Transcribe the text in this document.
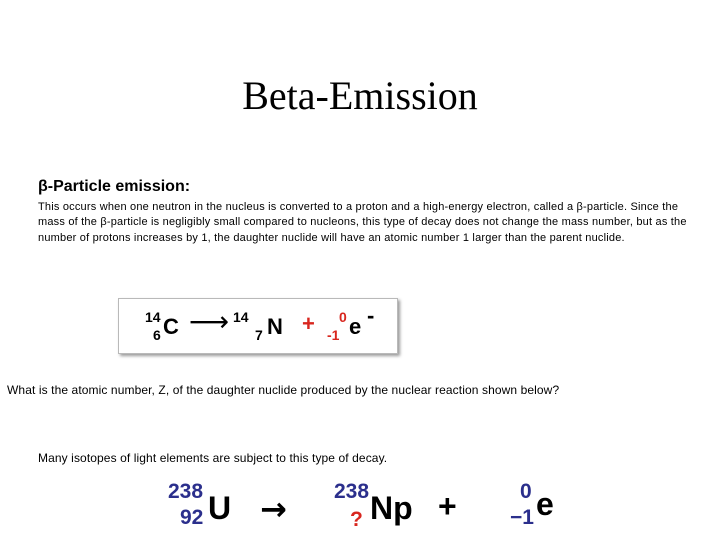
Beta-Emission
β-Particle emission:
This occurs when one neutron in the nucleus is converted to a proton and a high-energy electron, called a β-particle. Since the mass of the β-particle is negligibly small compared to nucleons, this type of decay does not change the mass number, but as the number of protons increases by 1, the daughter nuclide will have an atomic number 1 larger than the parent nuclide.
14
6 C ⟶ 14
7 N + 0
-1 e -
What is the atomic number, Z, of the daughter nuclide produced by the nuclear reaction shown below?
Many isotopes of light elements are subject to this type of decay.
238
92 U → 238
? Np +	0
−1 e
